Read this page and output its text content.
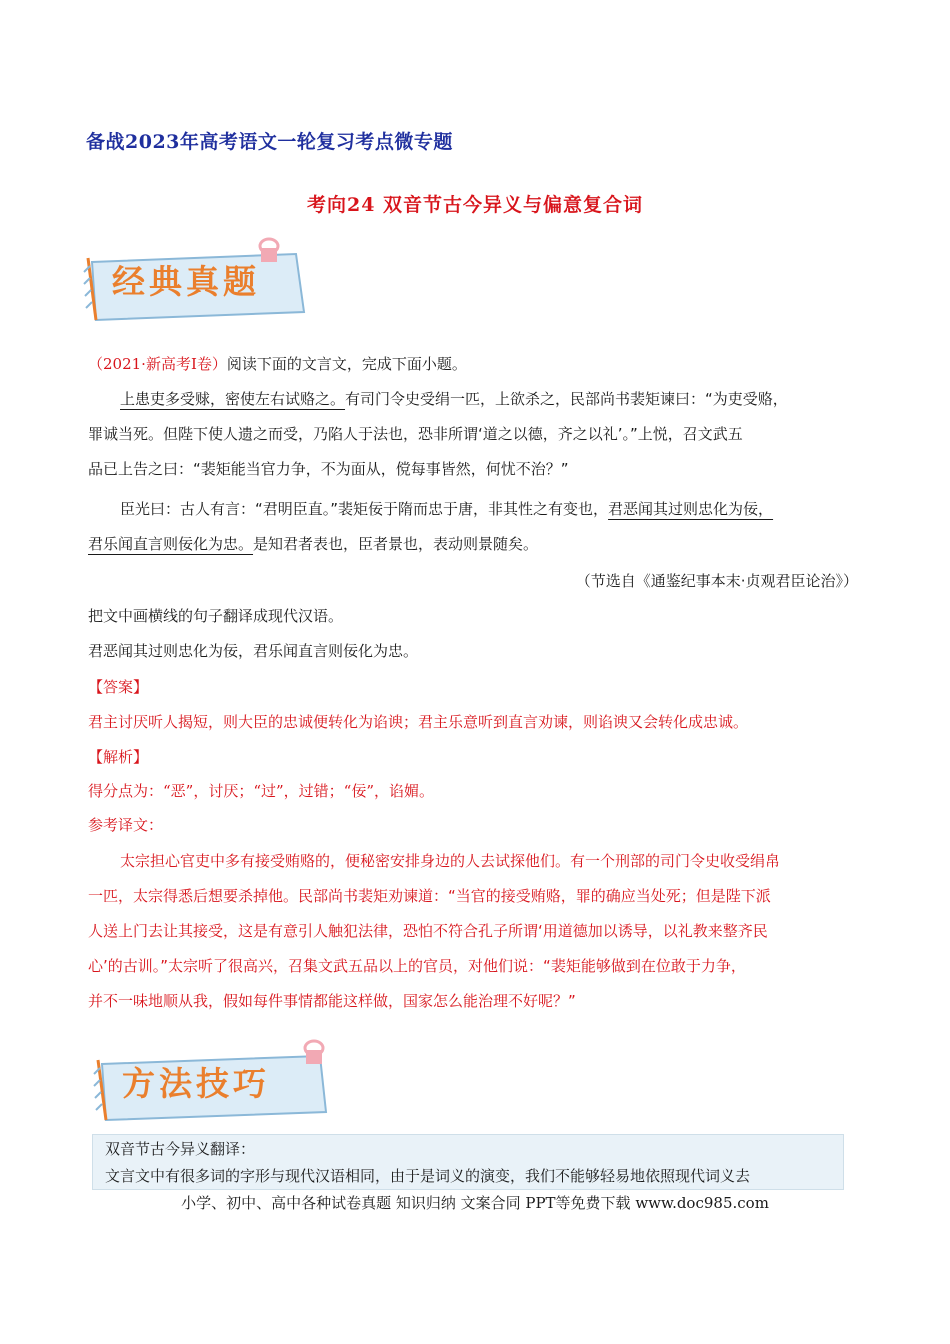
备战2023年高考语文一轮复习考点微专题
考向24 双音节古今异义与偏意复合词
经典真题
（2021·新高考Ⅰ卷）阅读下面的文言文，完成下面小题。
上患吏多受赇，密使左右试赂之。有司门令史受绢一匹，上欲杀之，民部尚书裴矩谏曰：“为吏受赂，
罪诚当死。但陛下使人遗之而受，乃陷人于法也，恐非所谓‘道之以德，齐之以礼’。”上悦，召文武五
品已上告之曰：“裴矩能当官力争，不为面从，傥每事皆然，何忧不治？”
臣光曰：古人有言：“君明臣直。”裴矩佞于隋而忠于唐，非其性之有变也，君恶闻其过则忠化为佞，
君乐闻直言则佞化为忠。是知君者表也，臣者景也，表动则景随矣。
（节选自《通鉴纪事本末·贞观君臣论治》）
把文中画横线的句子翻译成现代汉语。
君恶闻其过则忠化为佞，君乐闻直言则佞化为忠。
【答案】
君主讨厌听人揭短，则大臣的忠诚便转化为谄谀；君主乐意听到直言劝谏，则谄谀又会转化成忠诚。
【解析】
得分点为：“恶”，讨厌；“过”，过错；“佞”，谄媚。
参考译文：
太宗担心官吏中多有接受贿赂的，便秘密安排身边的人去试探他们。有一个刑部的司门令史收受绢帛
一匹，太宗得悉后想要杀掉他。民部尚书裴矩劝谏道：“当官的接受贿赂，罪的确应当处死；但是陛下派
人送上门去让其接受，这是有意引人触犯法律，恐怕不符合孔子所谓‘用道德加以诱导，以礼教来整齐民
心’的古训。”太宗听了很高兴，召集文武五品以上的官员，对他们说：“裴矩能够做到在位敢于力争，
并不一味地顺从我，假如每件事情都能这样做，国家怎么能治理不好呢？”
方法技巧
双音节古今异义翻译：
文言文中有很多词的字形与现代汉语相同，由于是词义的演变，我们不能够轻易地依照现代词义去
小学、初中、高中各种试卷真题 知识归纳 文案合同 PPT等免费下载 www.doc985.com
